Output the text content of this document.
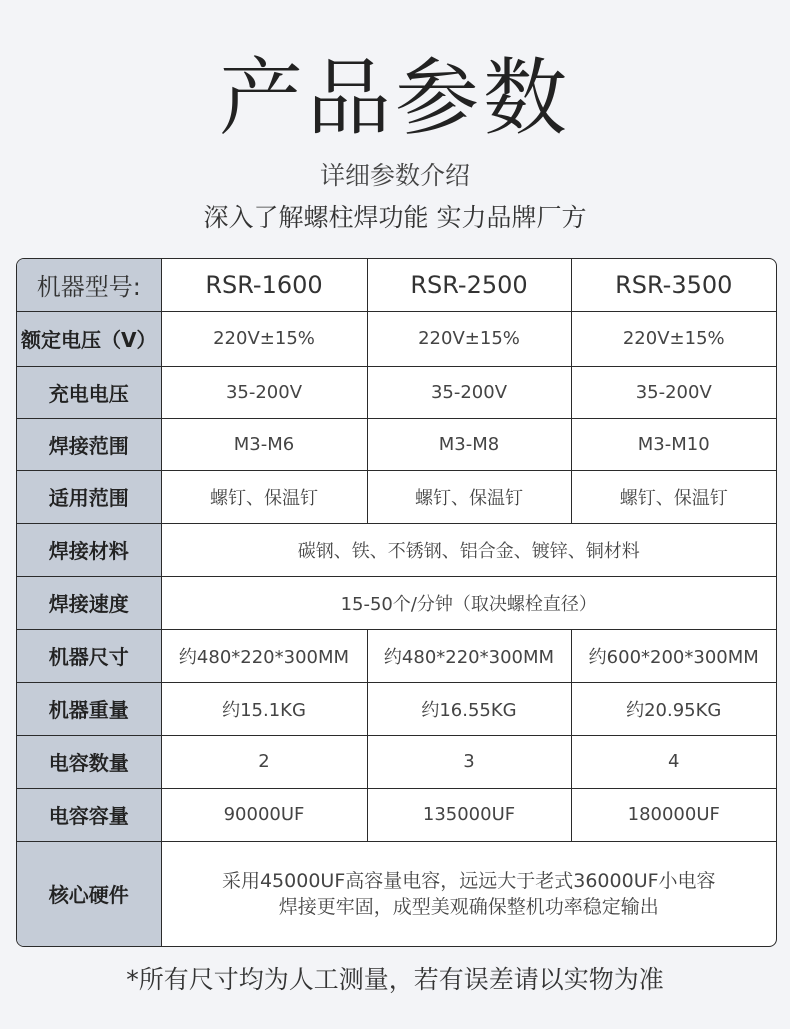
产品参数
详细参数介绍
深入了解螺柱焊功能 实力品牌厂方
机器型号:	RSR-1600	RSR-2500	RSR-3500
额定电压（V）	220V±15%	220V±15%	220V±15%
充电电压	35-200V	35-200V	35-200V
焊接范围	M3-M6	M3-M8	M3-M10
适用范围	螺钉、保温钉	螺钉、保温钉	螺钉、保温钉
焊接材料	碳钢、铁、不锈钢、铝合金、镀锌、铜材料		
焊接速度	15-50个/分钟（取决螺栓直径）		
机器尺寸	约480*220*300MM	约480*220*300MM	约600*200*300MM
机器重量	约15.1KG	约16.55KG	约20.95KG
电容数量	2	3	4
电容容量	90000UF	135000UF	180000UF
核心硬件	采用45000UF高容量电容，远远大于老式36000UF小电容
焊接更牢固，成型美观确保整机功率稳定输出		
*所有尺寸均为人工测量，若有误差请以实物为准
